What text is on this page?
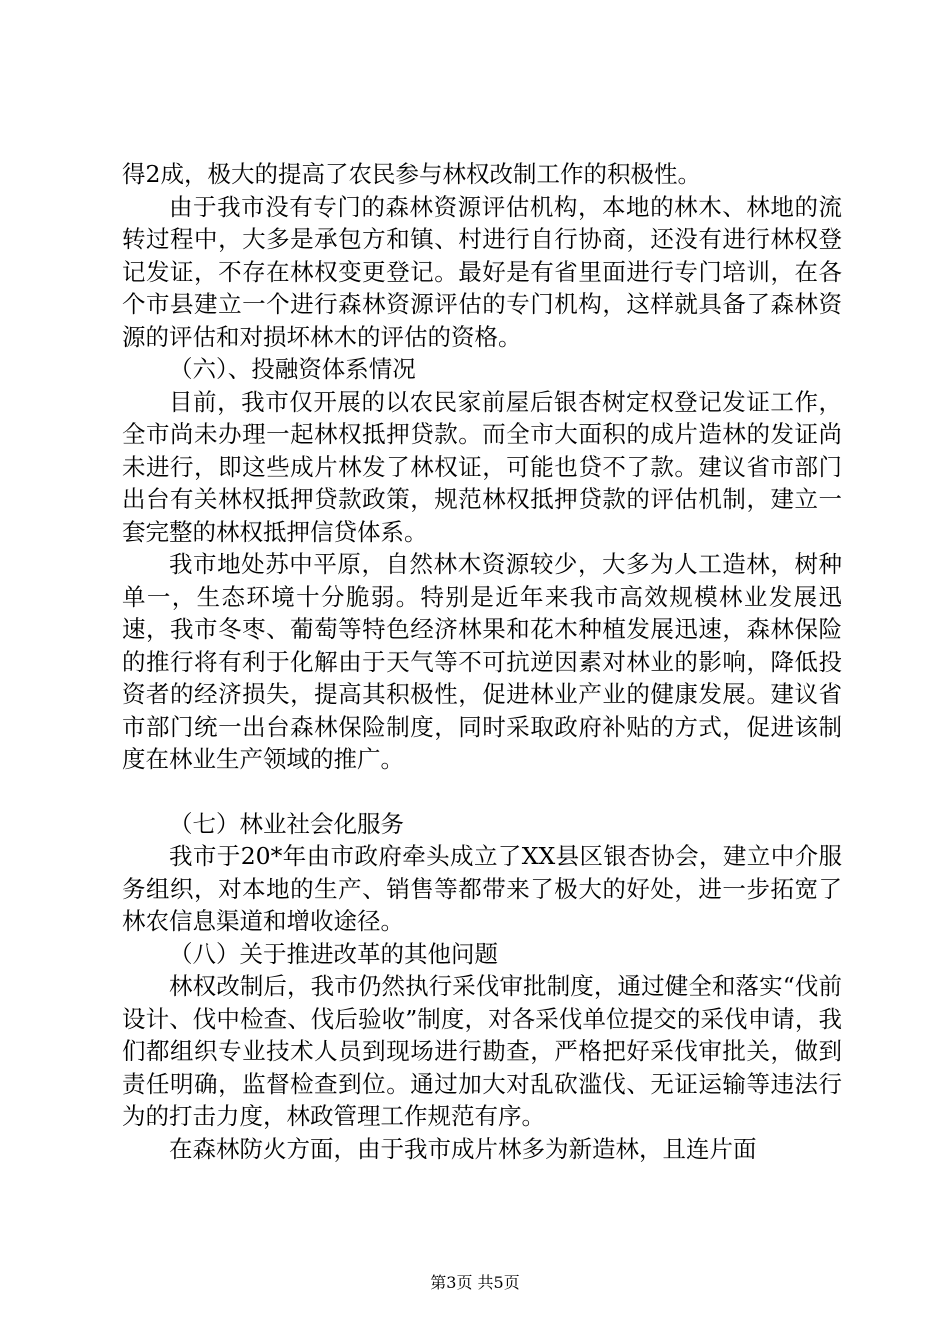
得2成，极大的提高了农民参与林权改制工作的积极性。

由于我市没有专门的森林资源评估机构，本地的林木、林地的流转过程中，大多是承包方和镇、村进行自行协商，还没有进行林权登记发证，不存在林权变更登记。最好是有省里面进行专门培训，在各个市县建立一个进行森林资源评估的专门机构，这样就具备了森林资源的评估和对损坏林木的评估的资格。

（六）、投融资体系情况

目前，我市仅开展的以农民家前屋后银杏树定权登记发证工作，全市尚未办理一起林权抵押贷款。而全市大面积的成片造林的发证尚未进行，即这些成片林发了林权证，可能也贷不了款。建议省市部门出台有关林权抵押贷款政策，规范林权抵押贷款的评估机制，建立一套完整的林权抵押信贷体系。

我市地处苏中平原，自然林木资源较少，大多为人工造林，树种单一，生态环境十分脆弱。特别是近年来我市高效规模林业发展迅速，我市冬枣、葡萄等特色经济林果和花木种植发展迅速，森林保险的推行将有利于化解由于天气等不可抗逆因素对林业的影响，降低投资者的经济损失，提高其积极性，促进林业产业的健康发展。建议省市部门统一出台森林保险制度，同时采取政府补贴的方式，促进该制度在林业生产领域的推广。

（七）林业社会化服务

我市于20*年由市政府牵头成立了XX县区银杏协会，建立中介服务组织，对本地的生产、销售等都带来了极大的好处，进一步拓宽了林农信息渠道和增收途径。

（八）关于推进改革的其他问题

林权改制后，我市仍然执行采伐审批制度，通过健全和落实“伐前设计、伐中检查、伐后验收”制度，对各采伐单位提交的采伐申请，我们都组织专业技术人员到现场进行勘查，严格把好采伐审批关，做到责任明确，监督检查到位。通过加大对乱砍滥伐、无证运输等违法行为的打击力度，林政管理工作规范有序。

在森林防火方面，由于我市成片林多为新造林，且连片面

第3页 共5页
